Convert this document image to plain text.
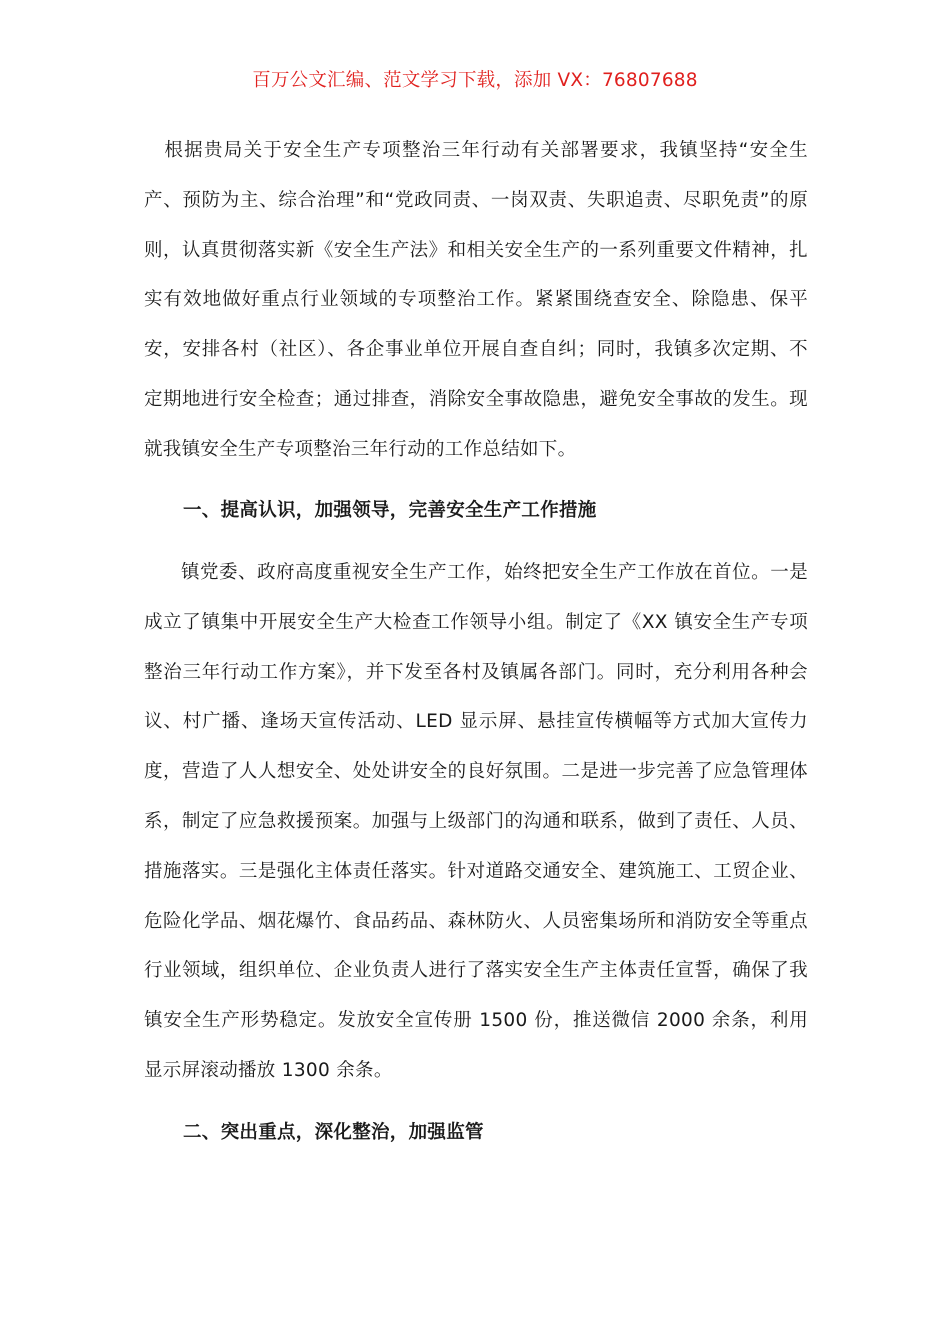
百万公文汇编、范文学习下载，添加 VX：76807688

根据贵局关于安全生产专项整治三年行动有关部署要求，我镇坚持“安全生产、预防为主、综合治理”和“党政同责、一岗双责、失职追责、尽职免责”的原则，认真贯彻落实新《安全生产法》和相关安全生产的一系列重要文件精神，扎实有效地做好重点行业领域的专项整治工作。紧紧围绕查安全、除隐患、保平安，安排各村（社区）、各企事业单位开展自查自纠；同时，我镇多次定期、不定期地进行安全检查；通过排查，消除安全事故隐患，避免安全事故的发生。现就我镇安全生产专项整治三年行动的工作总结如下。

一、提高认识，加强领导，完善安全生产工作措施

镇党委、政府高度重视安全生产工作，始终把安全生产工作放在首位。一是成立了镇集中开展安全生产大检查工作领导小组。制定了《XX 镇安全生产专项整治三年行动工作方案》，并下发至各村及镇属各部门。同时，充分利用各种会议、村广播、逢场天宣传活动、LED 显示屏、悬挂宣传横幅等方式加大宣传力度，营造了人人想安全、处处讲安全的良好氛围。二是进一步完善了应急管理体系，制定了应急救援预案。加强与上级部门的沟通和联系，做到了责任、人员、措施落实。三是强化主体责任落实。针对道路交通安全、建筑施工、工贸企业、危险化学品、烟花爆竹、食品药品、森林防火、人员密集场所和消防安全等重点行业领域，组织单位、企业负责人进行了落实安全生产主体责任宣誓，确保了我镇安全生产形势稳定。发放安全宣传册 1500 份，推送微信 2000 余条，利用显示屏滚动播放 1300 余条。

二、突出重点，深化整治，加强监管
